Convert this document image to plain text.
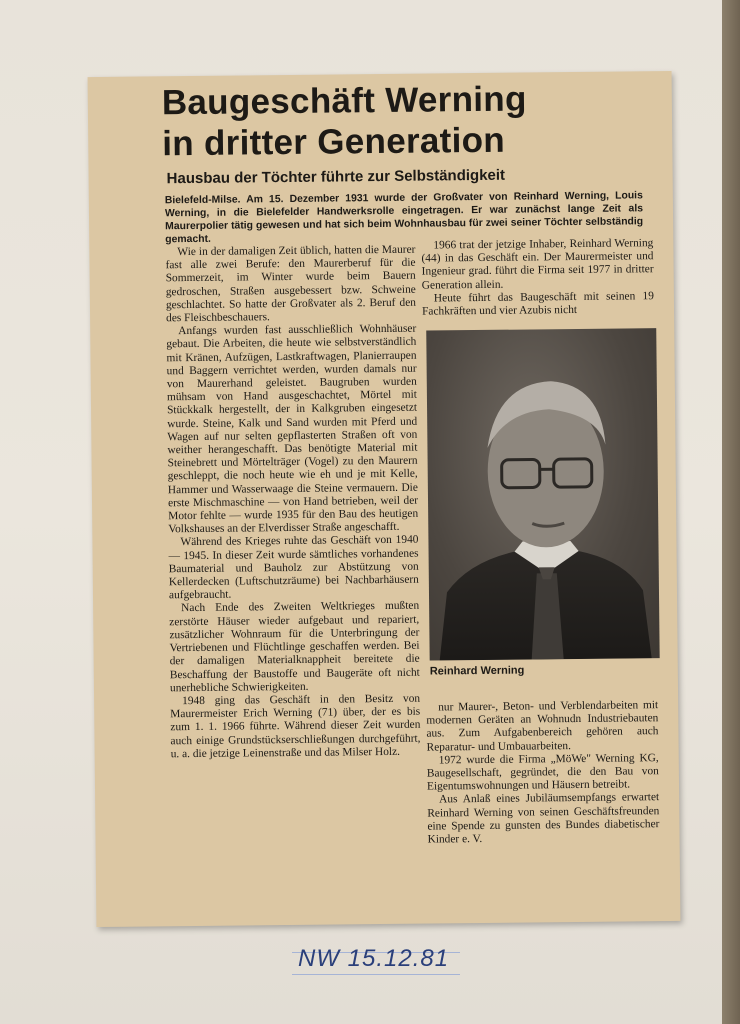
Baugeschäft Werning
in dritter Generation

Hausbau der Töchter führte zur Selbständigkeit

Bielefeld-Milse. Am 15. Dezember 1931 wurde der Großvater von Reinhard Werning, Louis Werning, in die Bielefelder Handwerksrolle eingetragen. Er war zunächst lange Zeit als Maurerpolier tätig gewesen und hat sich beim Wohnhausbau für zwei seiner Töchter selbständig gemacht.

Wie in der damaligen Zeit üblich, hatten die Maurer fast alle zwei Berufe: den Maurerberuf für die Sommerzeit, im Winter wurde beim Bauern gedroschen, Straßen ausgebessert bzw. Schweine geschlachtet. So hatte der Großvater als 2. Beruf den des Fleischbeschauers.

Anfangs wurden fast ausschließlich Wohnhäuser gebaut. Die Arbeiten, die heute wie selbstverständlich mit Kränen, Aufzügen, Lastkraftwagen, Planierraupen und Baggern verrichtet werden, wurden damals nur von Maurerhand geleistet. Baugruben wurden mühsam von Hand ausgeschachtet, Mörtel mit Stückkalk hergestellt, der in Kalkgruben eingesetzt wurde. Steine, Kalk und Sand wurden mit Pferd und Wagen auf nur selten gepflasterten Straßen oft von weither herangeschafft. Das benötigte Material mit Steinebrett und Mörtelträger (Vogel) zu den Maurern geschleppt, die noch heute wie eh und je mit Kelle, Hammer und Wasserwaage die Steine vermauern. Die erste Mischmaschine — von Hand betrieben, weil der Motor fehlte — wurde 1935 für den Bau des heutigen Volkshauses an der Elverdisser Straße angeschafft.

Während des Krieges ruhte das Geschäft von 1940 — 1945. In dieser Zeit wurde sämtliches vorhandenes Baumaterial und Bauholz zur Abstützung von Kellerdecken (Luftschutzräume) bei Nachbarhäusern aufgebraucht.

Nach Ende des Zweiten Weltkrieges mußten zerstörte Häuser wieder aufgebaut und repariert, zusätzlicher Wohnraum für die Unterbringung der Vertriebenen und Flüchtlinge geschaffen werden. Bei der damaligen Materialknappheit bereitete die Beschaffung der Baustoffe und Baugeräte oft nicht unerhebliche Schwierigkeiten.

1948 ging das Geschäft in den Besitz von Maurermeister Erich Werning (71) über, der es bis zum 1. 1. 1966 führte. Während dieser Zeit wurden auch einige Grundstückserschließungen durchgeführt, u. a. die jetzige Leinenstraße und das Milser Holz.

1966 trat der jetzige Inhaber, Reinhard Werning (44) in das Geschäft ein. Der Maurermeister und Ingenieur grad. führt die Firma seit 1977 in dritter Generation allein.

Heute führt das Baugeschäft mit seinen 19 Fachkräften und vier Azubis nicht

Reinhard Werning

nur Maurer-, Beton- und Verblendarbeiten mit modernen Geräten an Wohnudn Industriebauten aus. Zum Aufgabenbereich gehören auch Reparatur- und Umbauarbeiten.

1972 wurde die Firma „MöWe" Werning KG, Baugesellschaft, gegründet, die den Bau von Eigentumswohnungen und Häusern betreibt.

Aus Anlaß eines Jubiläumsempfangs erwartet Reinhard Werning von seinen Geschäftsfreunden eine Spende zu gunsten des Bundes diabetischer Kinder e. V.

NW 15.12.81
